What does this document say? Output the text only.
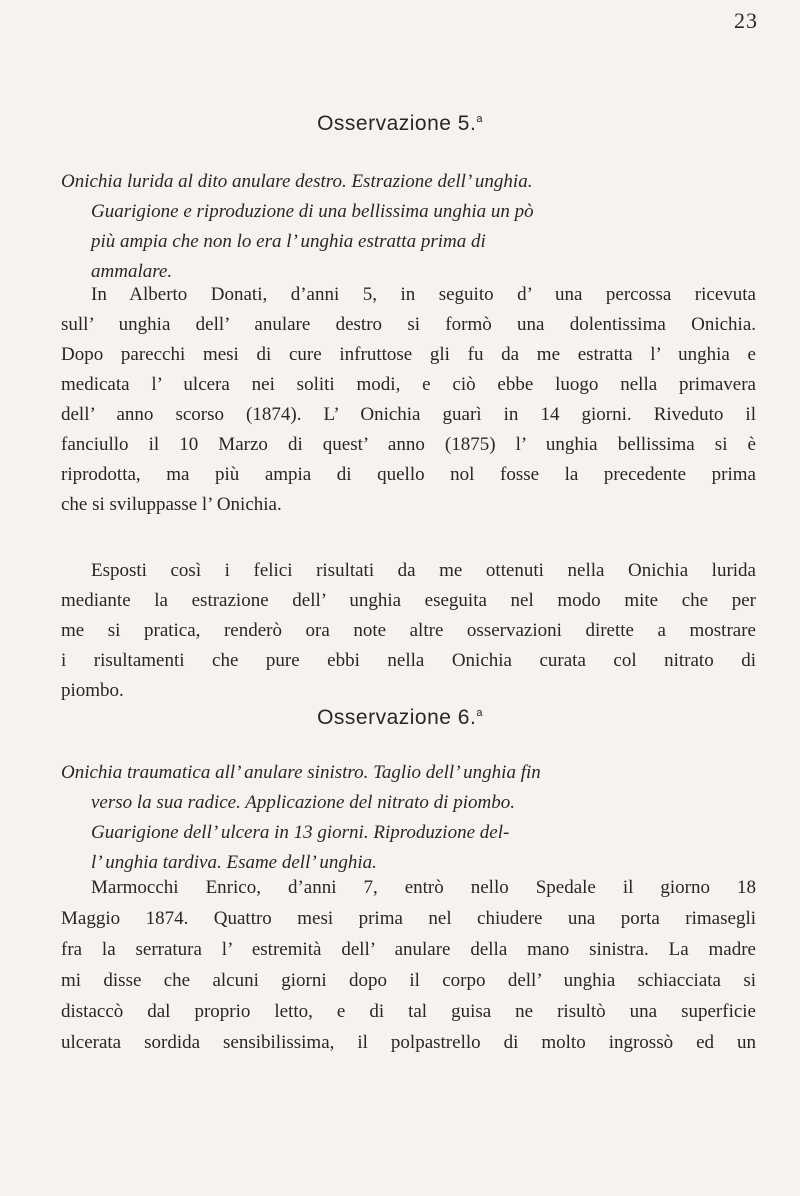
23
Osservazione 5.$^a$
Onichia lurida al dito anulare destro. Estrazione dell’ unghia.
Guarigione e riproduzione di una bellissima unghia un pò
più ampia che non lo era l’ unghia estratta prima di
ammalare.
In Alberto Donati, d’anni 5, in seguito d’ una percossa ricevuta
sull’ unghia dell’ anulare destro si formò una dolentissima Onichia.
Dopo parecchi mesi di cure infruttose gli fu da me estratta l’ unghia e
medicata l’ ulcera nei soliti modi, e ciò ebbe luogo nella primavera
dell’ anno scorso (1874). L’ Onichia guarì in 14 giorni. Riveduto il
fanciullo il 10 Marzo di quest’ anno (1875) l’ unghia bellissima si è
riprodotta, ma più ampia di quello nol fosse la precedente prima
che si sviluppasse l’ Onichia.
Esposti così i felici risultati da me ottenuti nella Onichia lurida
mediante la estrazione dell’ unghia eseguita nel modo mite che per
me si pratica, renderò ora note altre osservazioni dirette a mostrare
i risultamenti che pure ebbi nella Onichia curata col nitrato di
piombo.
Osservazione 6.$^a$
Onichia traumatica all’ anulare sinistro. Taglio dell’ unghia fin
verso la sua radice. Applicazione del nitrato di piombo.
Guarigione dell’ ulcera in 13 giorni. Riproduzione del-
l’ unghia tardiva. Esame dell’ unghia.
Marmocchi Enrico, d’anni 7, entrò nello Spedale il giorno 18
Maggio 1874. Quattro mesi prima nel chiudere una porta rimasegli
fra la serratura l’ estremità dell’ anulare della mano sinistra. La madre
mi disse che alcuni giorni dopo il corpo dell’ unghia schiacciata si
distaccò dal proprio letto, e di tal guisa ne risultò una superficie
ulcerata sordida sensibilissima, il polpastrello di molto ingrossò ed un
